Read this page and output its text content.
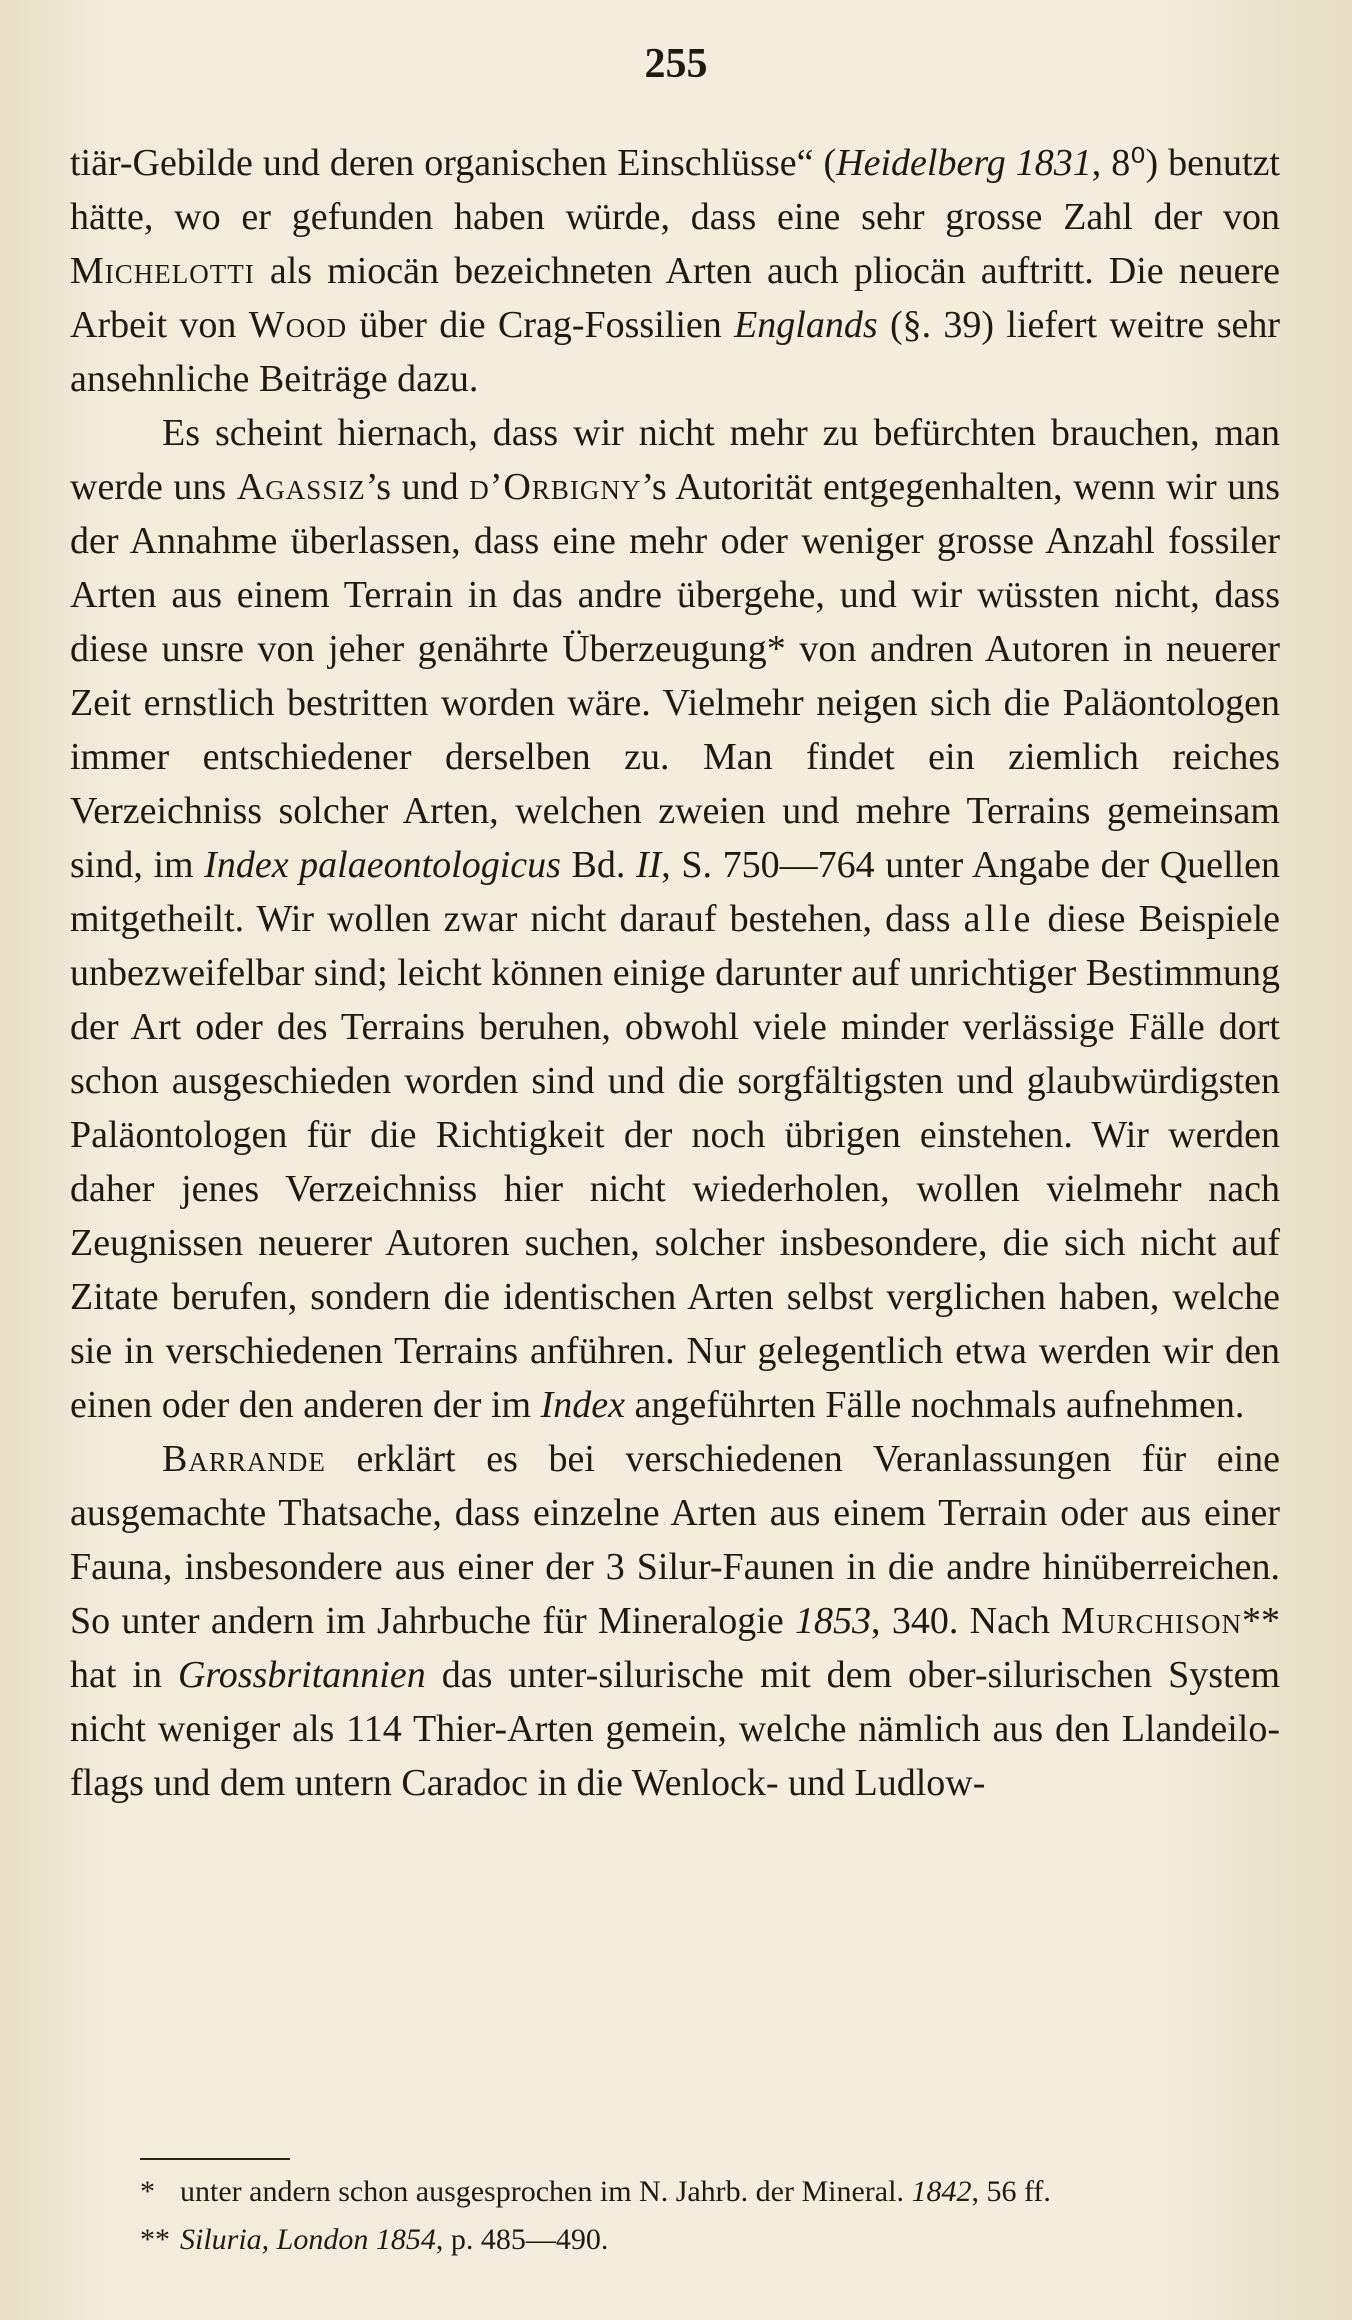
255

tiär-Gebilde und deren organischen Einschlüsse“ (Heidelberg 1831, 8⁰) benutzt hätte, wo er gefunden haben würde, dass eine sehr grosse Zahl der von Michelotti als miocän bezeichneten Arten auch pliocän auftritt. Die neuere Arbeit von Wood über die Crag-Fossilien Englands (§. 39) liefert weitre sehr ansehnliche Beiträge dazu.

Es scheint hiernach, dass wir nicht mehr zu befürchten brauchen, man werde uns Agassiz’s und d’Orbigny’s Autorität entgegenhalten, wenn wir uns der Annahme überlassen, dass eine mehr oder weniger grosse Anzahl fossiler Arten aus einem Terrain in das andre übergehe, und wir wüssten nicht, dass diese unsre von jeher genährte Überzeugung* von andren Autoren in neuerer Zeit ernstlich bestritten worden wäre. Vielmehr neigen sich die Paläontologen immer entschiedener derselben zu. Man findet ein ziemlich reiches Verzeichniss solcher Arten, welchen zweien und mehre Terrains gemeinsam sind, im Index palaeontologicus Bd. II, S. 750—764 unter Angabe der Quellen mitgetheilt. Wir wollen zwar nicht darauf bestehen, dass alle diese Beispiele unbezweifelbar sind; leicht können einige darunter auf unrichtiger Bestimmung der Art oder des Terrains beruhen, obwohl viele minder verlässige Fälle dort schon ausgeschieden worden sind und die sorgfältigsten und glaubwürdigsten Paläontologen für die Richtigkeit der noch übrigen einstehen. Wir werden daher jenes Verzeichniss hier nicht wiederholen, wollen vielmehr nach Zeugnissen neuerer Autoren suchen, solcher insbesondere, die sich nicht auf Zitate berufen, sondern die identischen Arten selbst verglichen haben, welche sie in verschiedenen Terrains anführen. Nur gelegentlich etwa werden wir den einen oder den anderen der im Index angeführten Fälle nochmals aufnehmen.

Barrande erklärt es bei verschiedenen Veranlassungen für eine ausgemachte Thatsache, dass einzelne Arten aus einem Terrain oder aus einer Fauna, insbesondere aus einer der 3 Silur-Faunen in die andre hinüberreichen. So unter andern im Jahrbuche für Mineralogie 1853, 340. Nach Murchison** hat in Grossbritannien das unter-silurische mit dem ober-silurischen System nicht weniger als 114 Thier-Arten gemein, welche nämlich aus den Llandeilo-flags und dem untern Caradoc in die Wenlock- und Ludlow-

* unter andern schon ausgesprochen im N. Jahrb. der Mineral. 1842, 56 ff.

** Siluria, London 1854, p. 485—490.
